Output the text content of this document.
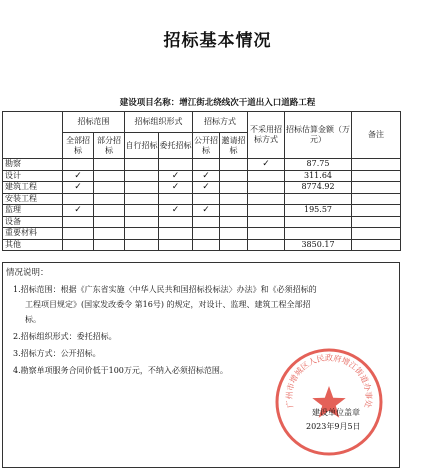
招标基本情况
建设项目名称：增江街北绕线次干道出入口道路工程
	招标范围		招标组织形式		招标方式		不采用招标方式	招标估算金额（万元）	备注
	全部招标	部分招标	自行招标	委托招标	公开招标	邀请招标			
勘察							✓	87.75	
设计	✓			✓	✓			311.64	
建筑工程	✓			✓	✓			8774.92	
安装工程									
监理	✓			✓	✓			195.57	
设备									
重要材料									
其他								3850.17	
情况说明：
1.招标范围：根据《广东省实施〈中华人民共和国招标投标法〉办法》和《必须招标的
工程项目规定》(国家发改委令 第16号) 的规定，对设计、监理、建筑工程全部招
标。
2.招标组织形式：委托招标。
3.招标方式：公开招标。
4.勘察单项服务合同价低于100万元，不纳入必须招标范围。
广州市增城区人民政府增江街道办事处
建设单位盖章
2023年9月5日
